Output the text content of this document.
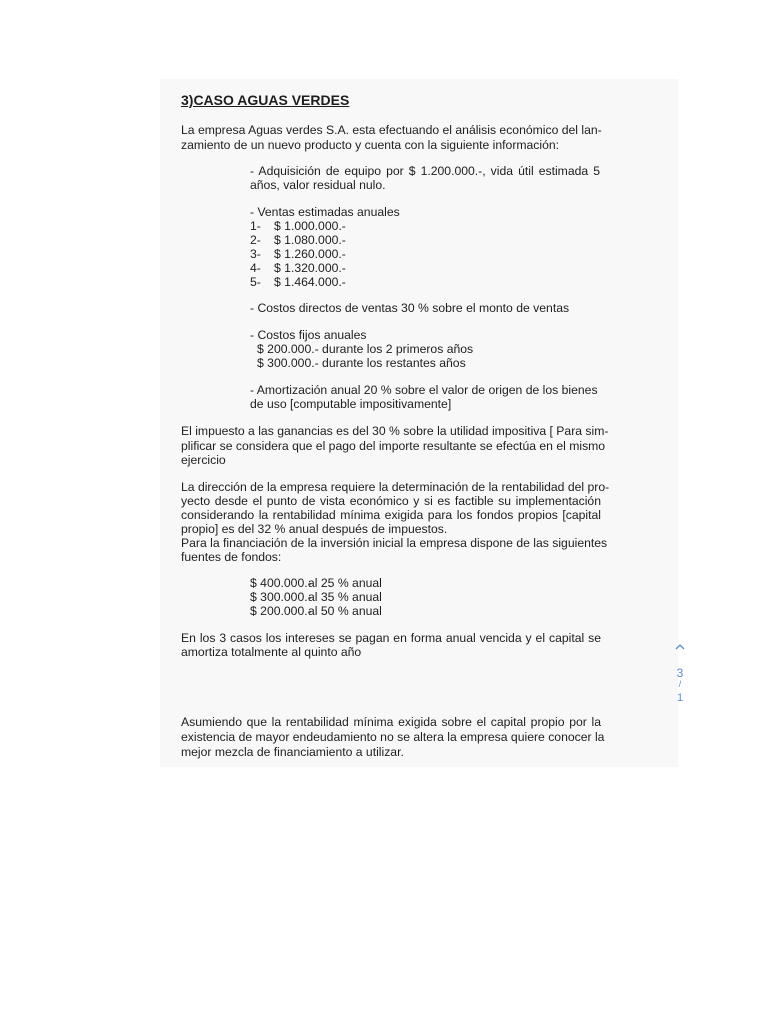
3)CASO AGUAS VERDES
La empresa Aguas verdes S.A. esta efectuando el análisis económico del lan-
zamiento de un nuevo producto y cuenta con la siguiente información:
- Adquisición de equipo por $ 1.200.000.-, vida útil estimada 5
años, valor residual nulo.
- Ventas estimadas anuales
1- $ 1.000.000.-
2- $ 1.080.000.-
3- $ 1.260.000.-
4- $ 1.320.000.-
5- $ 1.464.000.-
- Costos directos de ventas 30 % sobre el monto de ventas
- Costos fijos anuales
$ 200.000.- durante los 2 primeros años
$ 300.000.- durante los restantes años
- Amortización anual 20 % sobre el valor de origen de los bienes
de uso [computable impositivamente]
El impuesto a las ganancias es del 30 % sobre la utilidad impositiva [ Para sim-
plificar se considera que el pago del importe resultante se efectúa en el mismo
ejercicio
La dirección de la empresa requiere la determinación de la rentabilidad del pro-
yecto desde el punto de vista económico y si es factible su implementación
considerando la rentabilidad mínima exigida para los fondos propios [capital
propio] es del 32 % anual después de impuestos.
Para la financiación de la inversión inicial la empresa dispone de las siguientes
fuentes de fondos:
$ 400.000.-al 25 % anual
$ 300.000.-al 35 % anual
$ 200.000.-al 50 % anual
En los 3 casos los intereses se pagan en forma anual vencida y el capital se
amortiza totalmente al quinto año
Asumiendo que la rentabilidad mínima exigida sobre el capital propio por la
existencia de mayor endeudamiento no se altera la empresa quiere conocer la
mejor mezcla de financiamiento a utilizar.
3
/
1
